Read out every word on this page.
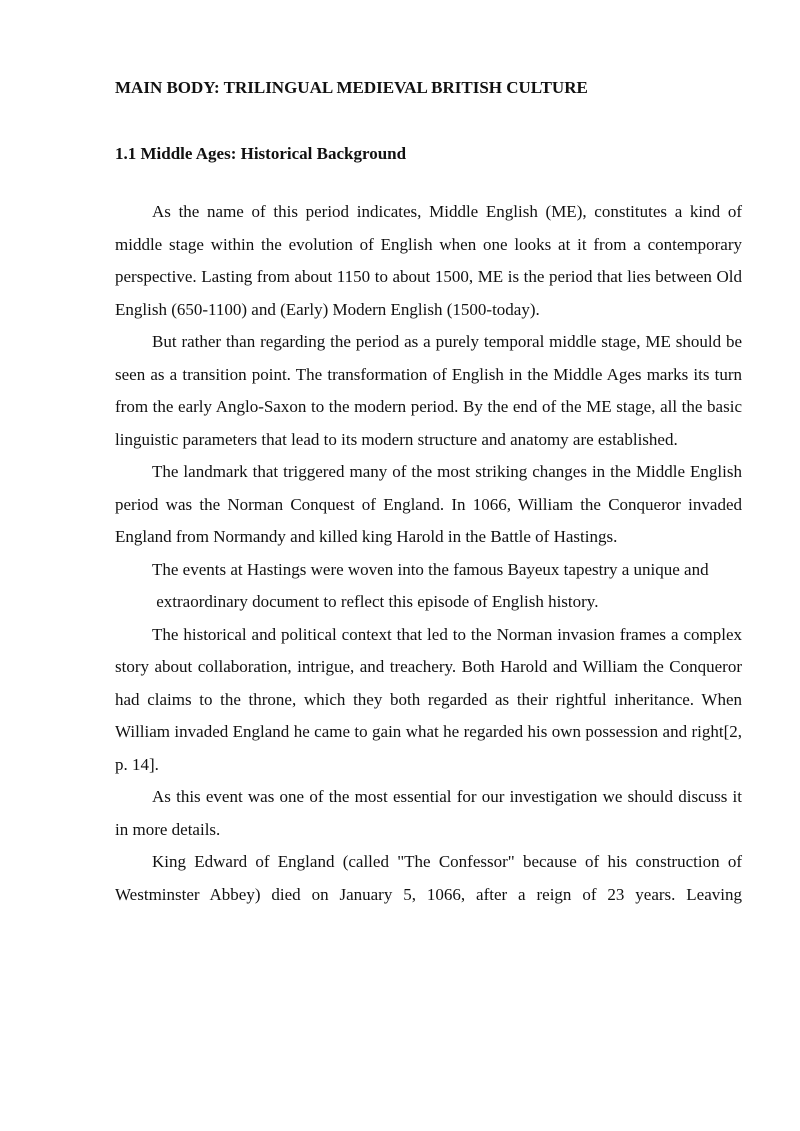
MAIN BODY: TRILINGUAL MEDIEVAL BRITISH CULTURE
1.1 Middle Ages: Historical Background

As the name of this period indicates, Middle English (ME), constitutes a kind of middle stage within the evolution of English when one looks at it from a contemporary perspective. Lasting from about 1150 to about 1500, ME is the period that lies between Old English (650-1100) and (Early) Modern English (1500-today).

But rather than regarding the period as a purely temporal middle stage, ME should be seen as a transition point. The transformation of English in the Middle Ages marks its turn from the early Anglo-Saxon to the modern period. By the end of the ME stage, all the basic linguistic parameters that lead to its modern structure and anatomy are established.

The landmark that triggered many of the most striking changes in the Middle English period was the Norman Conquest of England. In 1066, William the Conqueror invaded England from Normandy and killed king Harold in the Battle of Hastings.

The events at Hastings were woven into the famous Bayeux tapestry a unique and

extraordinary document to reflect this episode of English history.

The historical and political context that led to the Norman invasion frames a complex story about collaboration, intrigue, and treachery. Both Harold and William the Conqueror had claims to the throne, which they both regarded as their rightful inheritance. When William invaded England he came to gain what he regarded his own possession and right[2, p. 14].

As this event was one of the most essential for our investigation we should discuss it in more details.

King Edward of England (called "The Confessor" because of his construction of Westminster Abbey) died on January 5, 1066, after a reign of 23 years. Leaving
